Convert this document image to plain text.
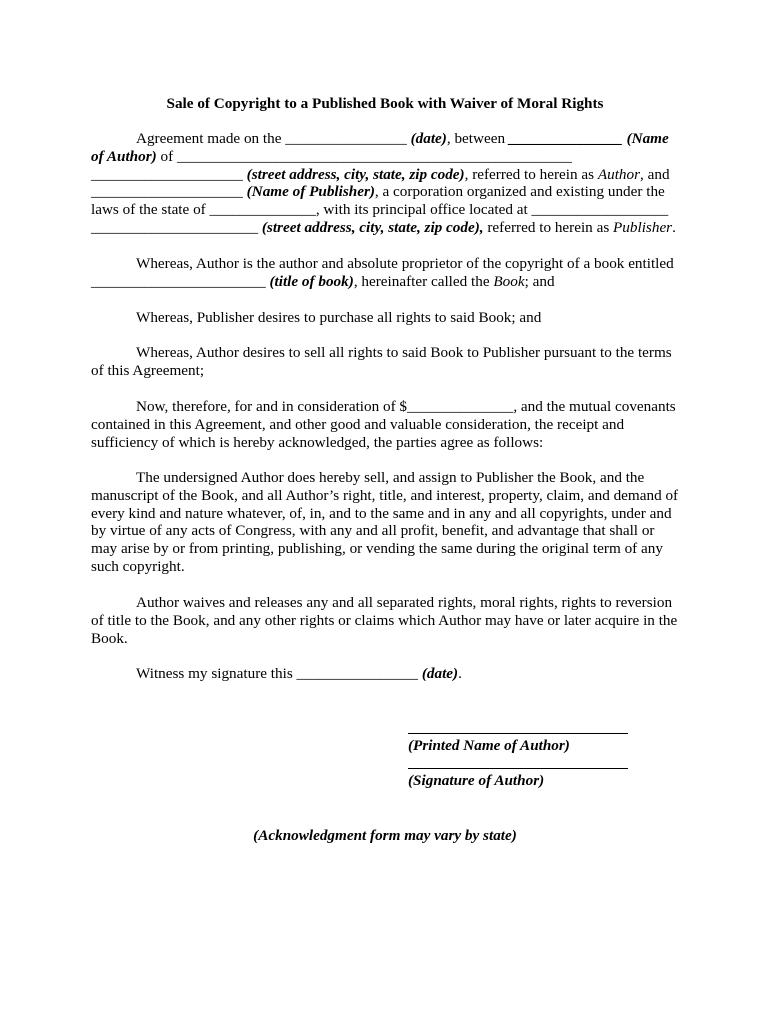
Sale of Copyright to a Published Book with Waiver of Moral Rights
Agreement made on the ________________ (date), between _______________ (Name
of Author) of ____________________________________________________
____________________ (street address, city, state, zip code), referred to herein as Author, and
____________________ (Name of Publisher), a corporation organized and existing under the
laws of the state of ______________, with its principal office located at __________________
______________________ (street address, city, state, zip code), referred to herein as Publisher.
Whereas, Author is the author and absolute proprietor of the copyright of a book entitled
_______________________ (title of book), hereinafter called the Book; and
Whereas, Publisher desires to purchase all rights to said Book; and
Whereas, Author desires to sell all rights to said Book to Publisher pursuant to the terms
of this Agreement;
Now, therefore, for and in consideration of $______________, and the mutual covenants
contained in this Agreement, and other good and valuable consideration, the receipt and
sufficiency of which is hereby acknowledged, the parties agree as follows:
The undersigned Author does hereby sell, and assign to Publisher the Book, and the
manuscript of the Book, and all Author’s right, title, and interest, property, claim, and demand of
every kind and nature whatever, of, in, and to the same and in any and all copyrights, under and
by virtue of any acts of Congress, with any and all profit, benefit, and advantage that shall or
may arise by or from printing, publishing, or vending the same during the original term of any
such copyright.
Author waives and releases any and all separated rights, moral rights, rights to reversion
of title to the Book, and any other rights or claims which Author may have or later acquire in the
Book.
Witness my signature this ________________ (date).
(Printed Name of Author)
(Signature of Author)
(Acknowledgment form may vary by state)
